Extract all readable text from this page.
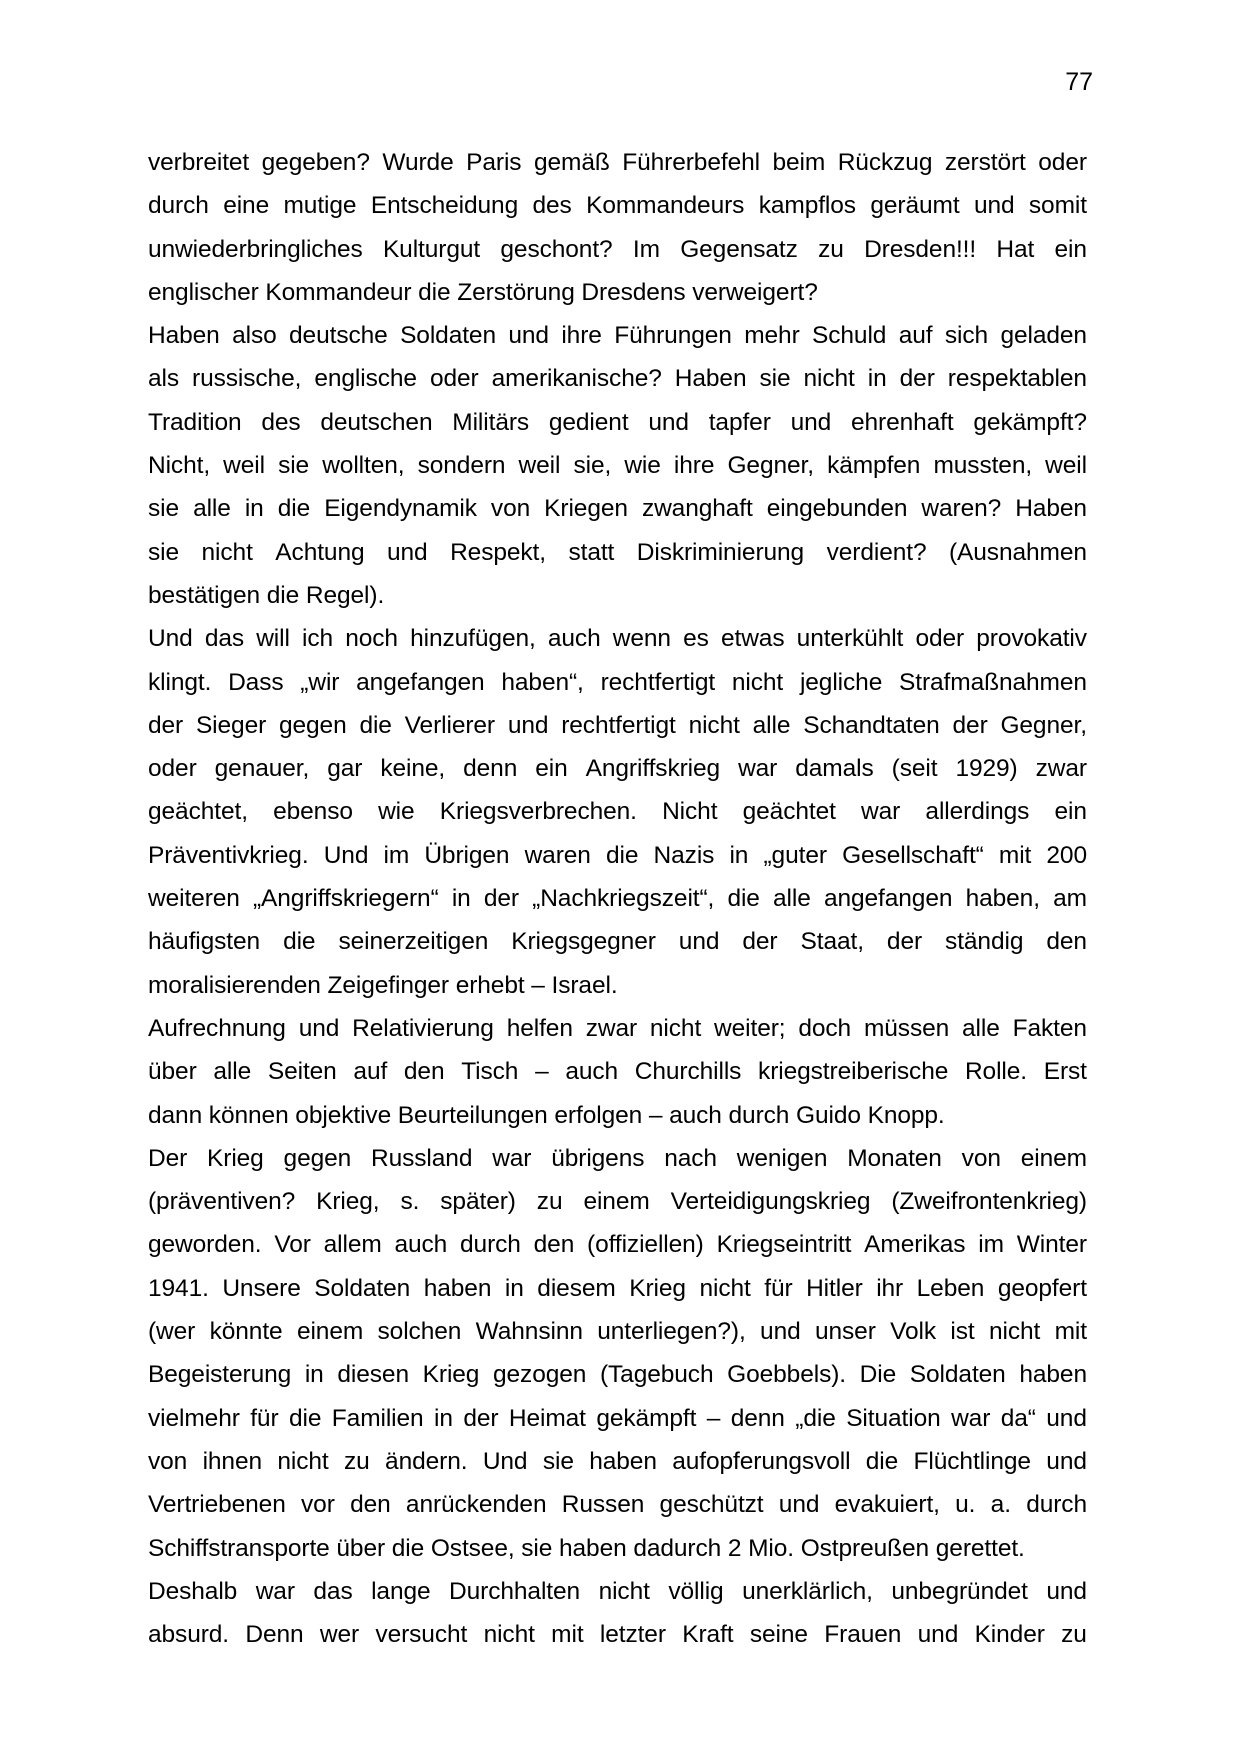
77
verbreitet gegeben? Wurde Paris gemäß Führerbefehl beim Rückzug zerstört oder
durch eine mutige Entscheidung des Kommandeurs kampflos geräumt und somit
unwiederbringliches Kulturgut geschont? Im Gegensatz zu Dresden!!! Hat ein
englischer Kommandeur die Zerstörung Dresdens verweigert?
Haben also deutsche Soldaten und ihre Führungen mehr Schuld auf sich geladen
als russische, englische oder amerikanische? Haben sie nicht in der respektablen
Tradition des deutschen Militärs gedient und tapfer und ehrenhaft gekämpft?
Nicht, weil sie wollten, sondern weil sie, wie ihre Gegner, kämpfen mussten, weil
sie alle in die Eigendynamik von Kriegen zwanghaft eingebunden waren? Haben
sie nicht Achtung und Respekt, statt Diskriminierung verdient? (Ausnahmen
bestätigen die Regel).
Und das will ich noch hinzufügen, auch wenn es etwas unterkühlt oder provokativ
klingt. Dass „wir angefangen haben“, rechtfertigt nicht jegliche Strafmaßnahmen
der Sieger gegen die Verlierer und rechtfertigt nicht alle Schandtaten der Gegner,
oder genauer, gar keine, denn ein Angriffskrieg war damals (seit 1929) zwar
geächtet, ebenso wie Kriegsverbrechen. Nicht geächtet war allerdings ein
Präventivkrieg. Und im Übrigen waren die Nazis in „guter Gesellschaft“ mit 200
weiteren „Angriffskriegern“ in der „Nachkriegszeit“, die alle angefangen haben, am
häufigsten die seinerzeitigen Kriegsgegner und der Staat, der ständig den
moralisierenden Zeigefinger erhebt – Israel.
Aufrechnung und Relativierung helfen zwar nicht weiter; doch müssen alle Fakten
über alle Seiten auf den Tisch – auch Churchills kriegstreiberische Rolle. Erst
dann können objektive Beurteilungen erfolgen – auch durch Guido Knopp.
Der Krieg gegen Russland war übrigens nach wenigen Monaten von einem
(präventiven? Krieg, s. später) zu einem Verteidigungskrieg (Zweifrontenkrieg)
geworden. Vor allem auch durch den (offiziellen) Kriegseintritt Amerikas im Winter
1941. Unsere Soldaten haben in diesem Krieg nicht für Hitler ihr Leben geopfert
(wer könnte einem solchen Wahnsinn unterliegen?), und unser Volk ist nicht mit
Begeisterung in diesen Krieg gezogen (Tagebuch Goebbels). Die Soldaten haben
vielmehr für die Familien in der Heimat gekämpft – denn „die Situation war da“ und
von ihnen nicht zu ändern. Und sie haben aufopferungsvoll die Flüchtlinge und
Vertriebenen vor den anrückenden Russen geschützt und evakuiert, u. a. durch
Schiffstransporte über die Ostsee, sie haben dadurch 2 Mio. Ostpreußen gerettet.
Deshalb war das lange Durchhalten nicht völlig unerklärlich, unbegründet und
absurd. Denn wer versucht nicht mit letzter Kraft seine Frauen und Kinder zu
